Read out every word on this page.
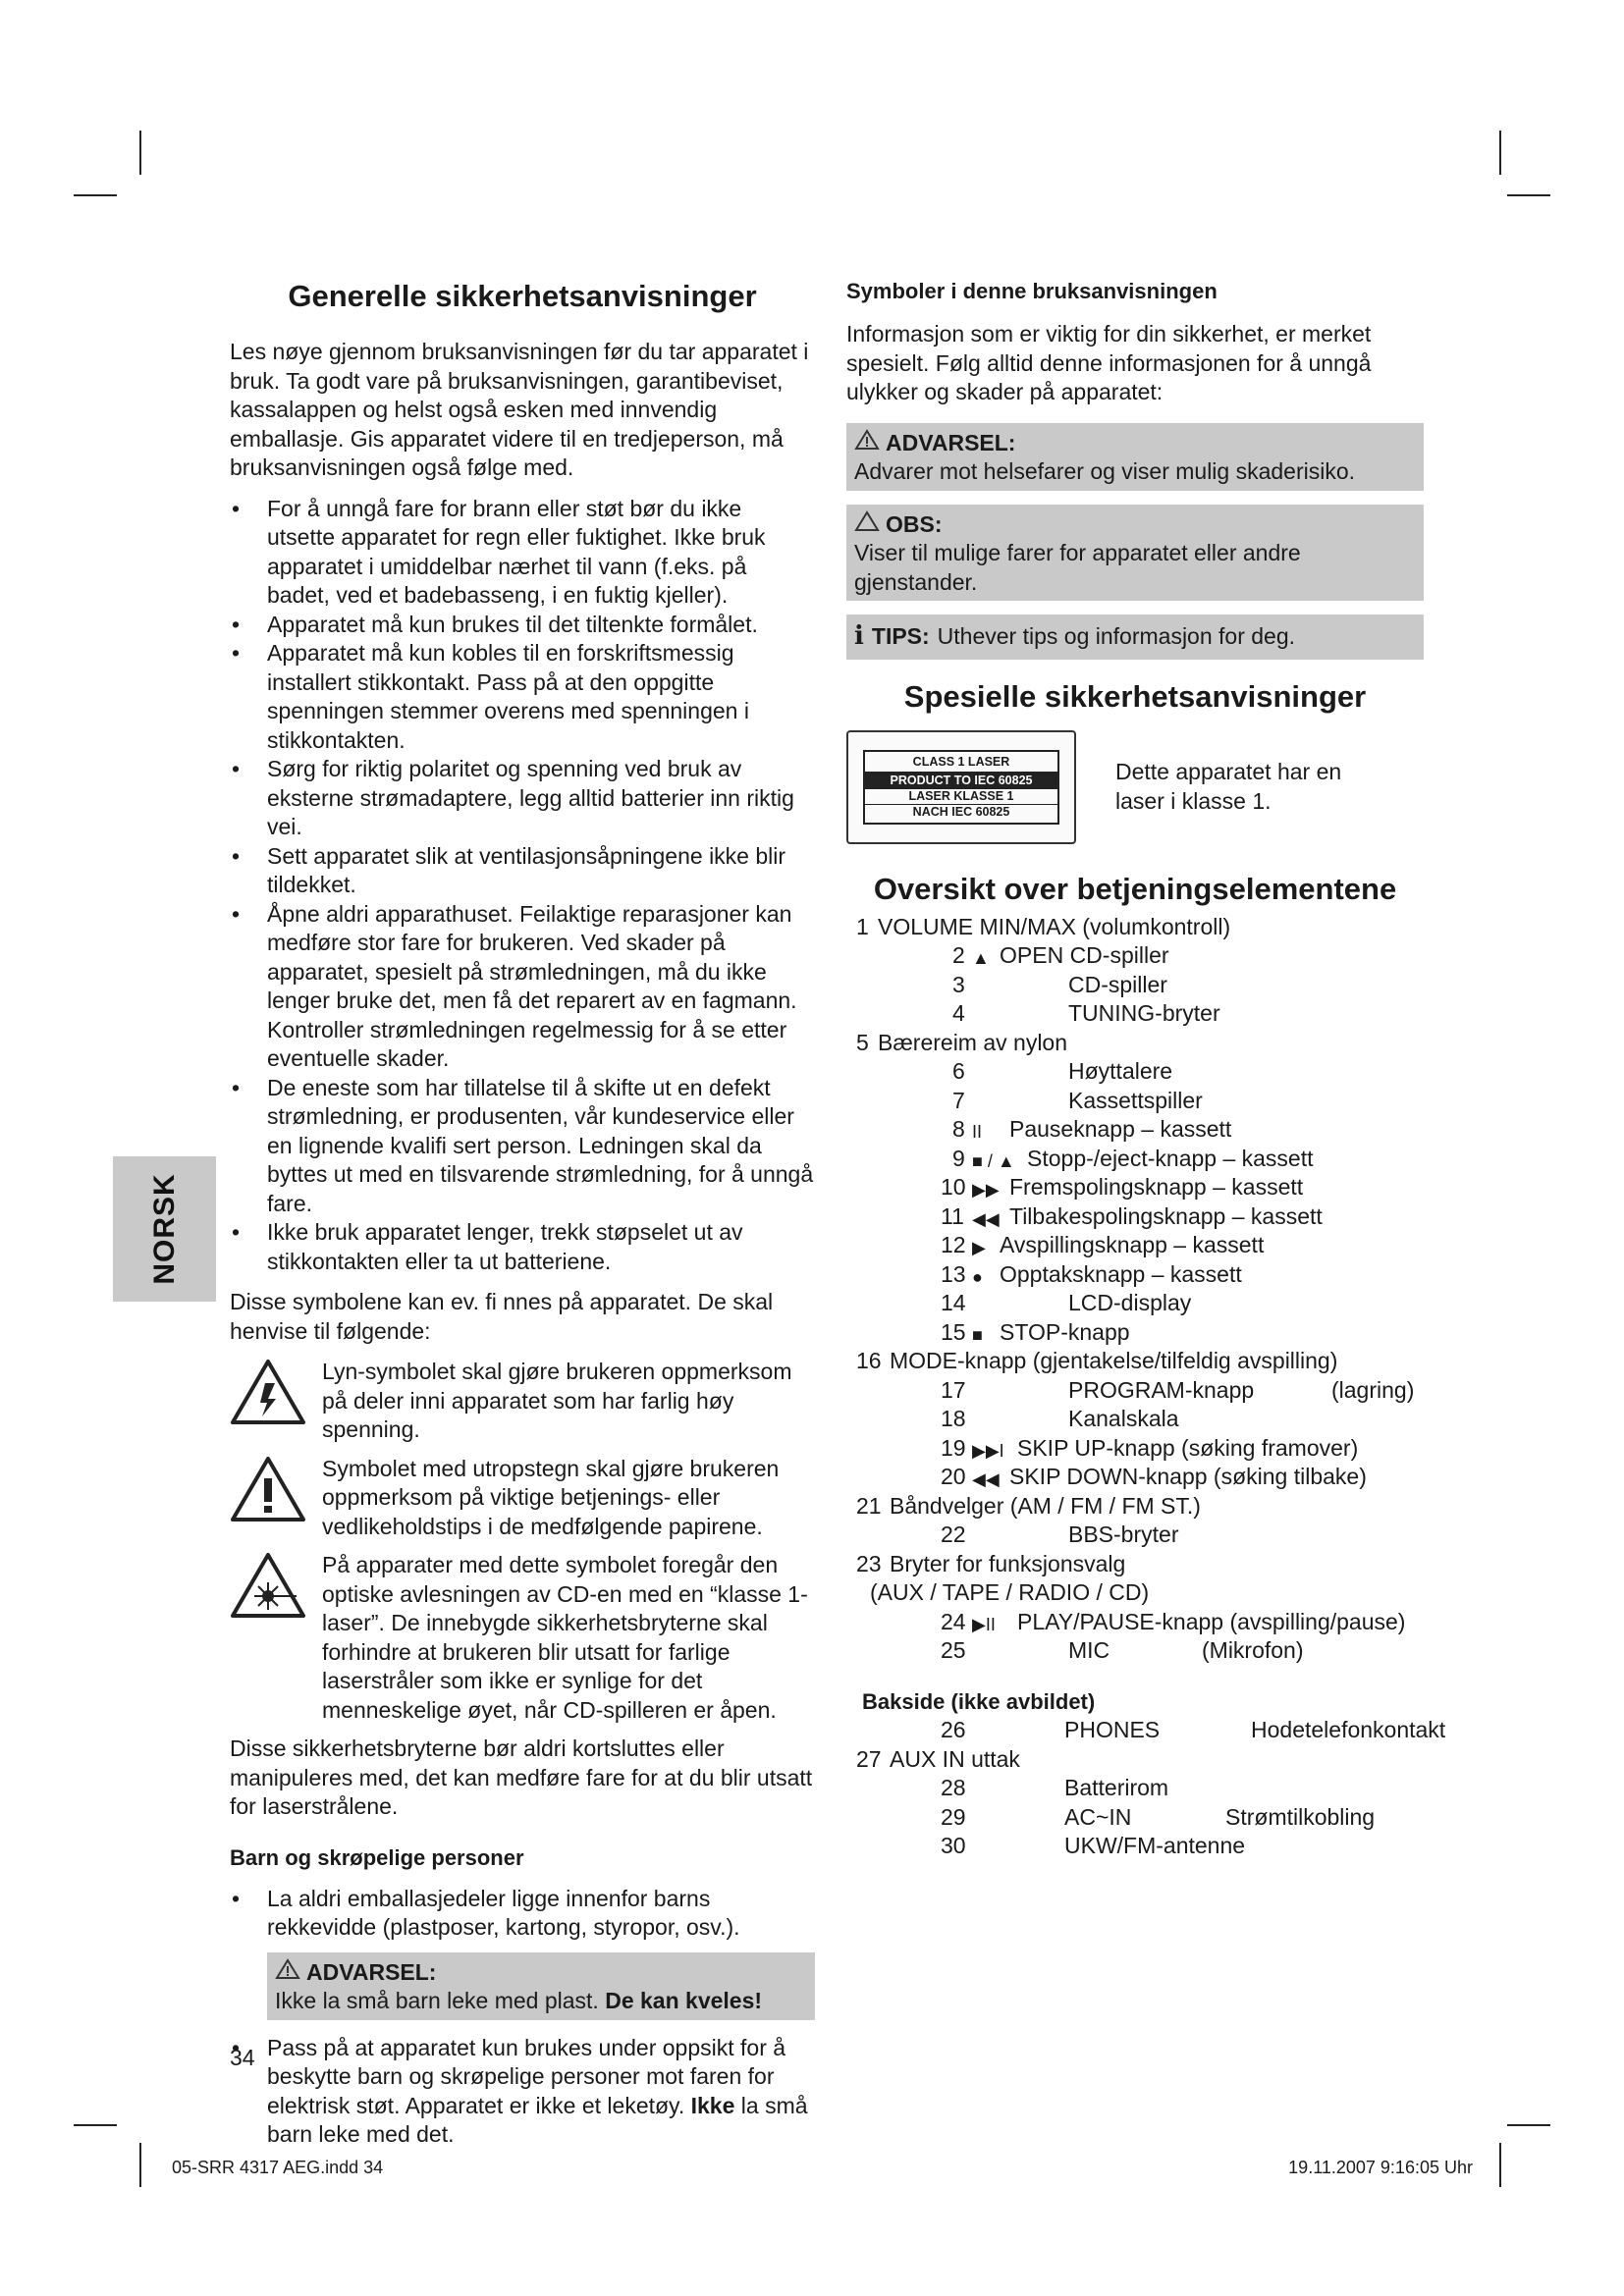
NORSK
Generelle sikkerhetsanvisninger

Les nøye gjennom bruksanvisningen før du tar apparatet i bruk. Ta godt vare på bruksanvisningen, garantibeviset, kassalappen og helst også esken med innvendig emballasje. Gis apparatet videre til en tredjeperson, må bruksanvisningen også følge med.

• For å unngå fare for brann eller støt bør du ikke utsette apparatet for regn eller fuktighet. Ikke bruk apparatet i umiddelbar nærhet til vann (f.eks. på badet, ved et badebasseng, i en fuktig kjeller).
• Apparatet må kun brukes til det tiltenkte formålet.
• Apparatet må kun kobles til en forskriftsmessig installert stikkontakt. Pass på at den oppgitte spenningen stemmer overens med spenningen i stikkontakten.
• Sørg for riktig polaritet og spenning ved bruk av eksterne strømadaptere, legg alltid batterier inn riktig vei.
• Sett apparatet slik at ventilasjonsåpningene ikke blir tildekket.
• Åpne aldri apparathuset. Feilaktige reparasjoner kan medføre stor fare for brukeren. Ved skader på apparatet, spesielt på strømledningen, må du ikke lenger bruke det, men få det reparert av en fagmann. Kontroller strømledningen regelmessig for å se etter eventuelle skader.
• De eneste som har tillatelse til å skifte ut en defekt strømledning, er produsenten, vår kundeservice eller en lignende kvalifi sert person. Ledningen skal da byttes ut med en tilsvarende strømledning, for å unngå fare.
• Ikke bruk apparatet lenger, trekk støpselet ut av stikkontakten eller ta ut batteriene.

Disse symbolene kan ev. fi nnes på apparatet. De skal henvise til følgende:

Lyn-symbolet skal gjøre brukeren oppmerksom på deler inni apparatet som har farlig høy spenning.
Symbolet med utropstegn skal gjøre brukeren oppmerksom på viktige betjenings- eller vedlikeholdstips i de medfølgende papirene.
På apparater med dette symbolet foregår den optiske avlesningen av CD-en med en “klasse 1-laser”. De innebygde sikkerhetsbryterne skal forhindre at brukeren blir utsatt for farlige laserstråler som ikke er synlige for det menneskelige øyet, når CD-spilleren er åpen.

Disse sikkerhetsbryterne bør aldri kortsluttes eller manipuleres med, det kan medføre fare for at du blir utsatt for laserstrålene.

Barn og skrøpelige personer
• La aldri emballasjedeler ligge innenfor barns rekkevidde (plastposer, kartong, styropor, osv.).
ADVARSEL:
Ikke la små barn leke med plast. De kan kveles!
• Pass på at apparatet kun brukes under oppsikt for å beskytte barn og skrøpelige personer mot faren for elektrisk støt. Apparatet er ikke et leketøy. Ikke la små barn leke med det.
Symboler i denne bruksanvisningen

Informasjon som er viktig for din sikkerhet, er merket spesielt. Følg alltid denne informasjonen for å unngå ulykker og skader på apparatet:

ADVARSEL:
Advarer mot helsefarer og viser mulig skaderisiko.
OBS:
Viser til mulige farer for apparatet eller andre gjenstander.
i TIPS: Uthever tips og informasjon for deg.
Spesielle sikkerhetsanvisninger
CLASS 1 LASER
PRODUCT TO IEC 60825
LASER KLASSE 1
NACH IEC 60825
Dette apparatet har en laser i klasse 1.
Oversikt over betjeningselementene
1 VOLUME MIN/MAX (volumkontroll)
2 ▲ OPEN CD-spiller
3	CD-spiller
4	TUNING-bryter
5 Bærereim av nylon
6	Høyttalere
7	Kassettspiller
8 II Pauseknapp – kassett
9 ■ / ▲ Stopp-/eject-knapp – kassett
10 ▶▶ Fremspolingsknapp – kassett
11 ◀◀ Tilbakespolingsknapp – kassett
12 ▶ Avspillingsknapp – kassett
13 ● Opptaksknapp – kassett
14	LCD-display
15 ■ STOP-knapp
16 MODE-knapp (gjentakelse/tilfeldig avspilling)
17	PROGRAM-knapp	(lagring)
18	Kanalskala
19 ▶▶I SKIP UP-knapp (søking framover)
20 ◀◀ SKIP DOWN-knapp (søking tilbake)
21 Båndvelger (AM / FM / FM ST.)
22	BBS-bryter
23 Bryter for funksjonsvalg
(AUX / TAPE / RADIO / CD)
24 ▶II PLAY/PAUSE-knapp (avspilling/pause)
25	MIC	(Mikrofon)
Bakside (ikke avbildet)
26	PHONES	Hodetelefonkontakt
27 AUX IN uttak
28	Batterirom
29	AC~IN	Strømtilkobling
30	UKW/FM-antenne
34
05-SRR 4317 AEG.indd 34	19.11.2007 9:16:05 Uhr
